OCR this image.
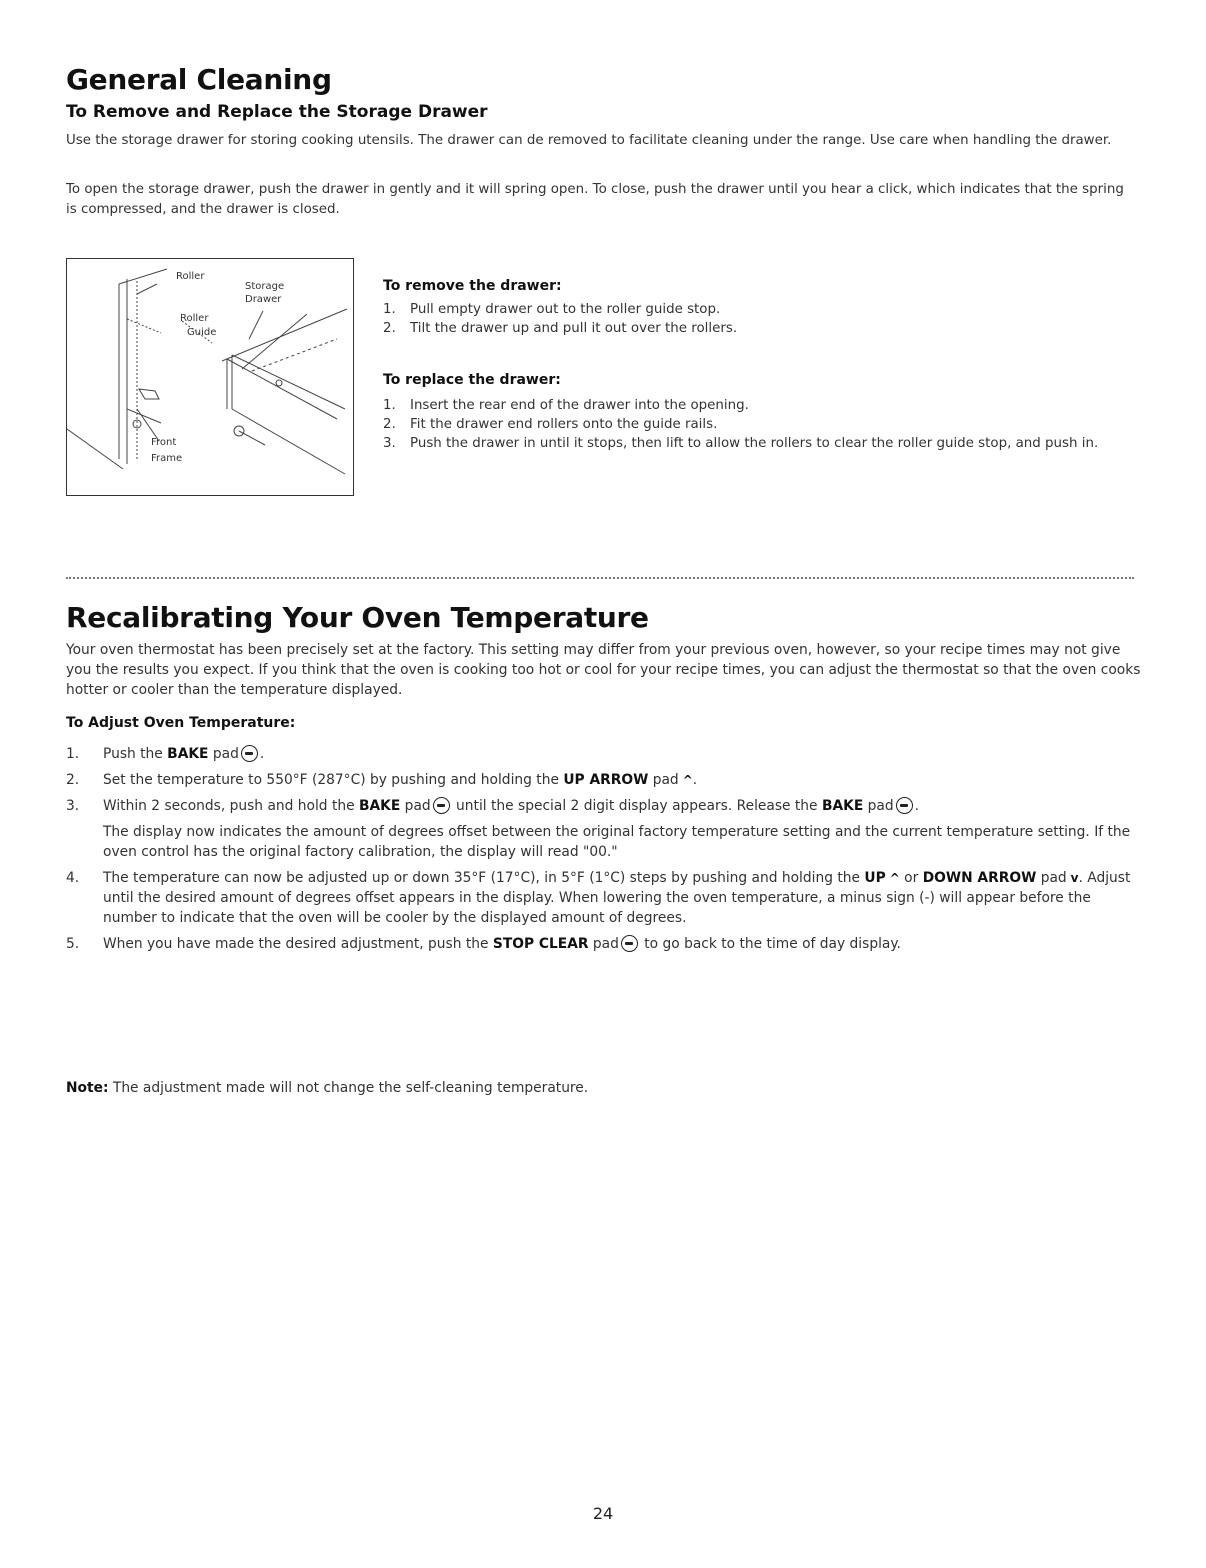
General Cleaning
To Remove and Replace the Storage Drawer

Use the storage drawer for storing cooking utensils. The drawer can de removed to facilitate cleaning under the range. Use care when handling the drawer.

To open the storage drawer, push the drawer in gently and it will spring open. To close, push the drawer until you hear a click, which indicates that the spring is compressed, and the drawer is closed.

Roller
Storage
Drawer
Roller
Guide
Front
Frame
To remove the drawer:
1.	Pull empty drawer out to the roller guide stop.
2.	Tilt the drawer up and pull it out over the rollers.
To replace the drawer:
1.	Insert the rear end of the drawer into the opening.
2.	Fit the drawer end rollers onto the guide rails.
3.	Push the drawer in until it stops, then lift to allow the rollers to clear the roller guide stop, and push in.
Recalibrating Your Oven Temperature

Your oven thermostat has been precisely set at the factory. This setting may differ from your previous oven, however, so your recipe times may not give you the results you expect. If you think that the oven is cooking too hot or cool for your recipe times, you can adjust the thermostat so that the oven cooks hotter or cooler than the temperature displayed.

To Adjust Oven Temperature:
1.	Push the BAKE pad .
2.	Set the temperature to 550°F (287°C) by pushing and holding the UP ARROW pad ^.
3.	Within 2 seconds, push and hold the BAKE pad until the special 2 digit display appears. Release the BAKE pad .
The display now indicates the amount of degrees offset between the original factory temperature setting and the current temperature setting. If the oven control has the original factory calibration, the display will read "00."
4.	The temperature can now be adjusted up or down 35°F (17°C), in 5°F (1°C) steps by pushing and holding the UP ^ or DOWN ARROW pad v. Adjust until the desired amount of degrees offset appears in the display. When lowering the oven temperature, a minus sign (-) will appear before the number to indicate that the oven will be cooler by the displayed amount of degrees.
5.	When you have made the desired adjustment, push the STOP CLEAR pad to go back to the time of day display.

Note: The adjustment made will not change the self-cleaning temperature.

24
